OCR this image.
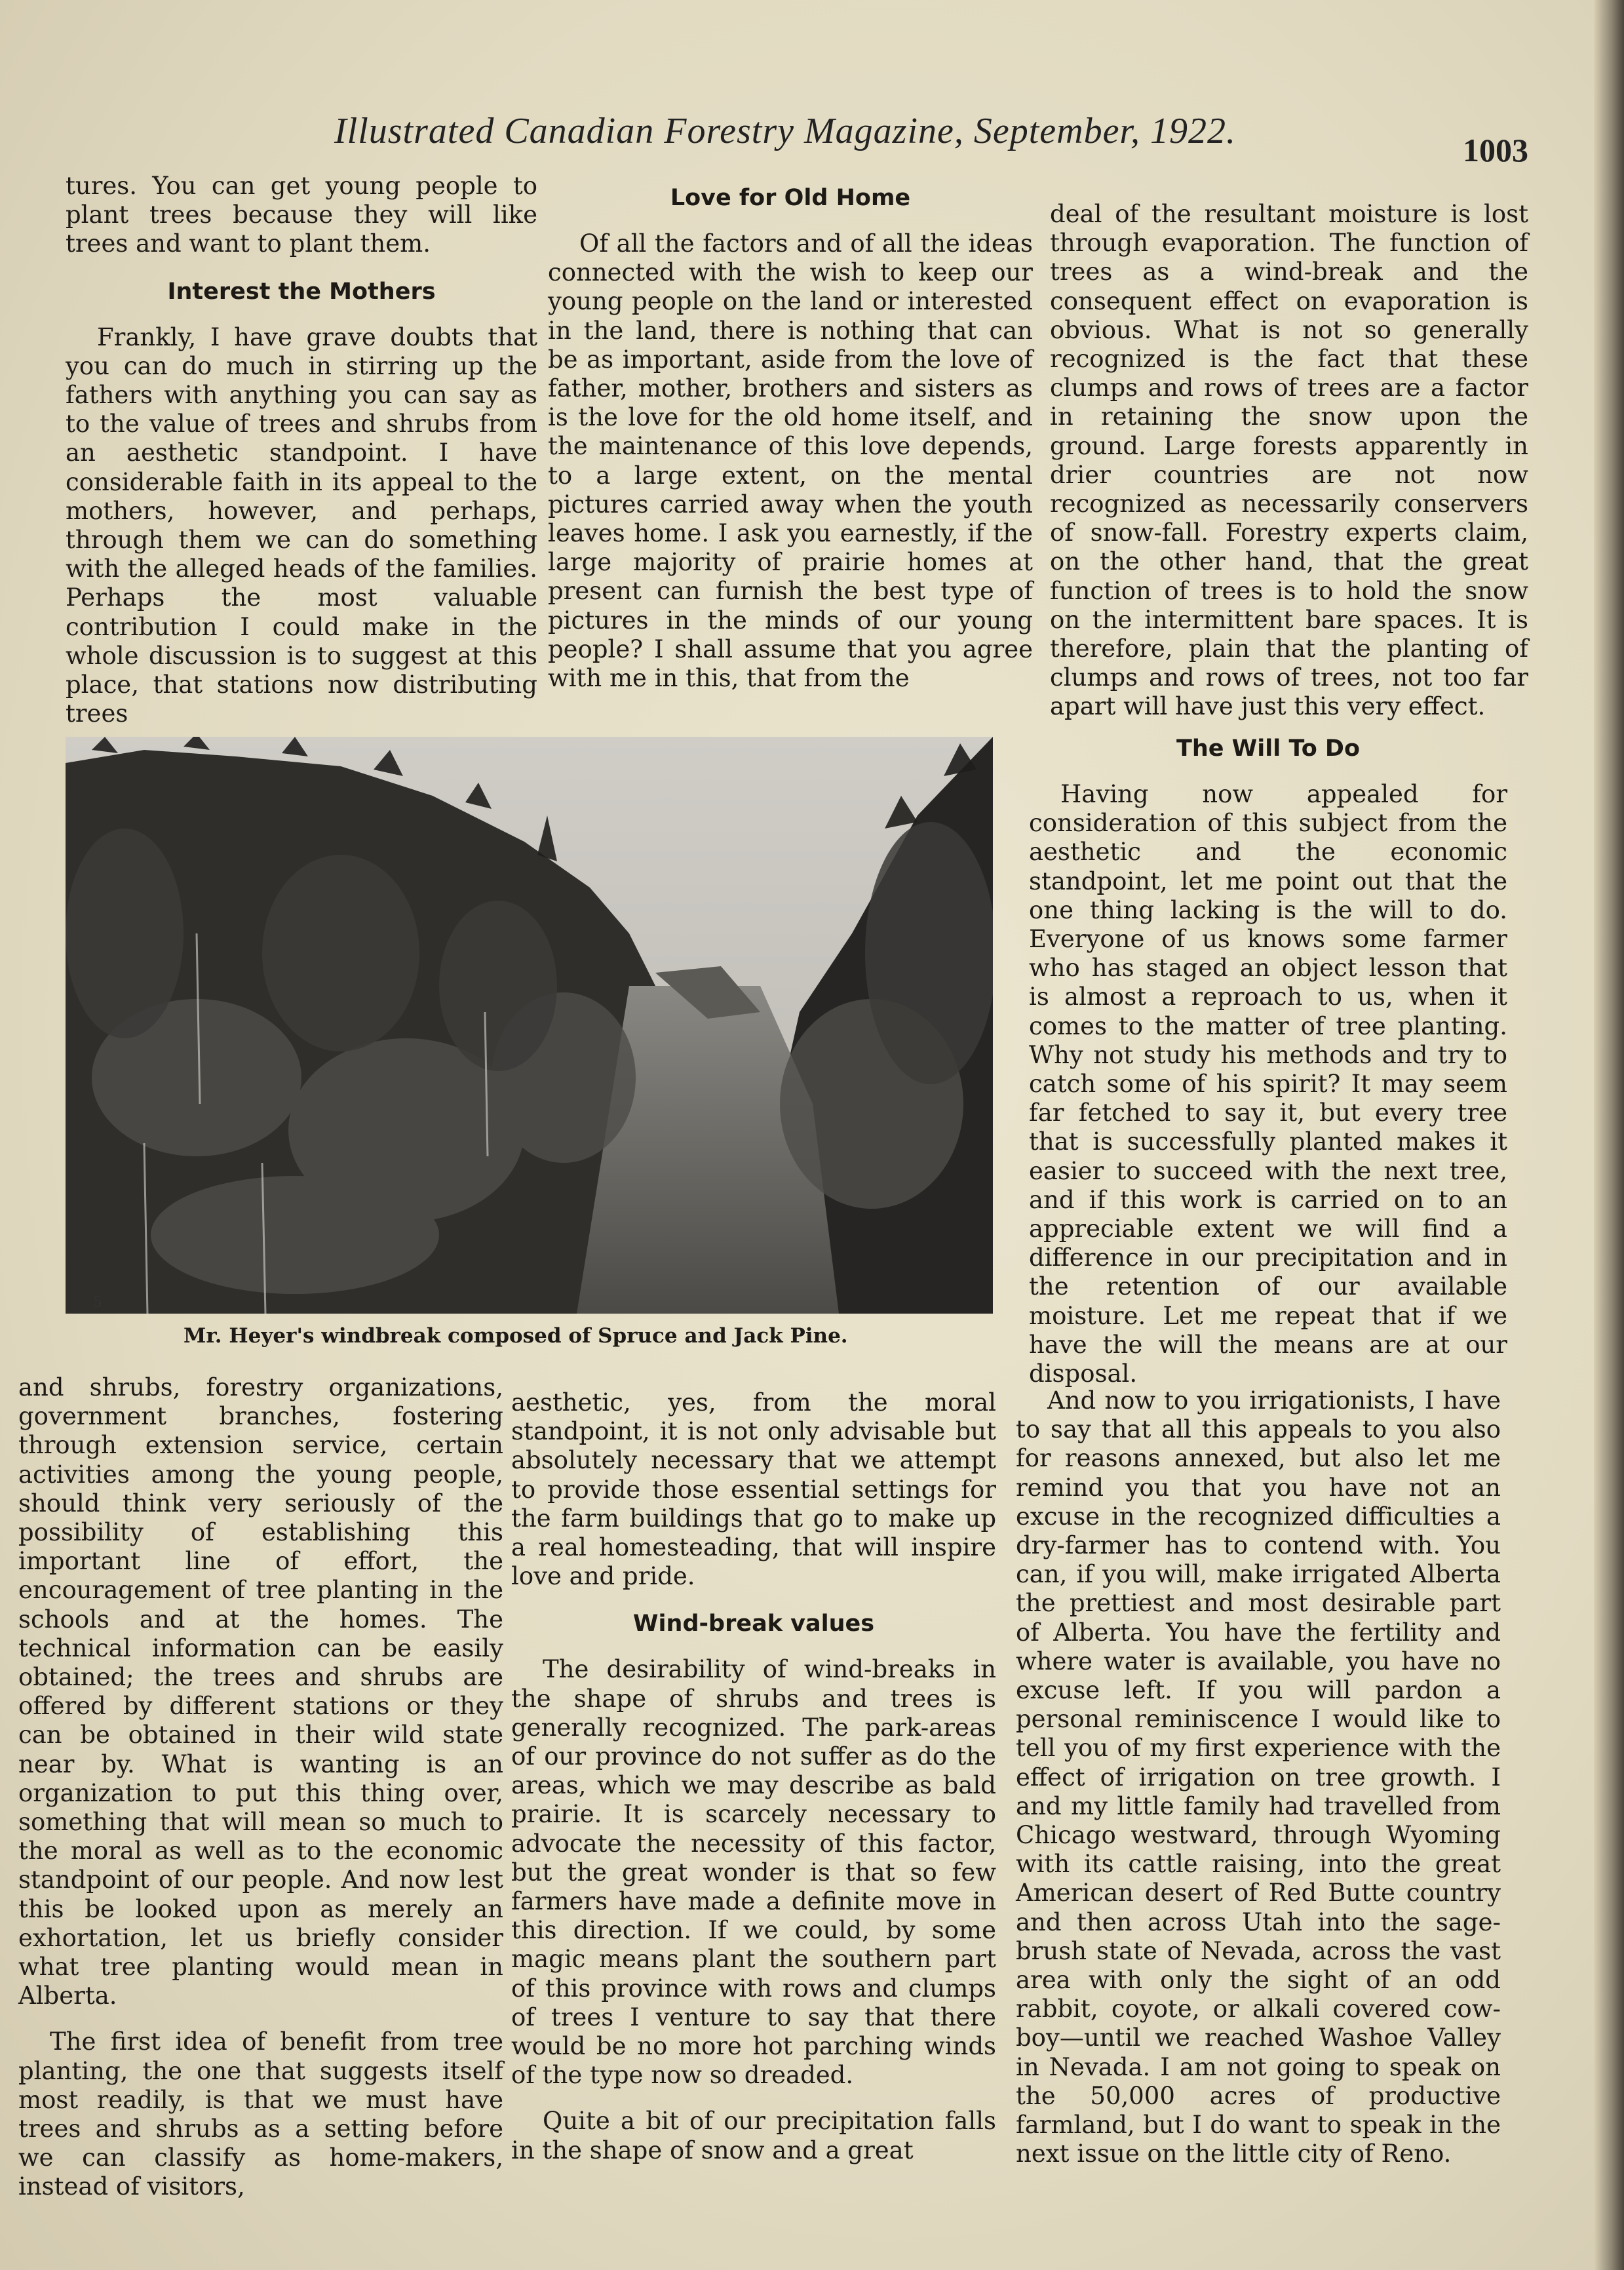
Illustrated Canadian Forestry Magazine, September, 1922.	1003

tures. You can get young people to plant trees because they will like trees and want to plant them.

Interest the Mothers

Frankly, I have grave doubts that you can do much in stirring up the fathers with anything you can say as to the value of trees and shrubs from an aesthetic standpoint. I have considerable faith in its appeal to the mothers, however, and perhaps, through them we can do something with the alleged heads of the families. Perhaps the most valuable contribution I could make in the whole discussion is to suggest at this place, that stations now distributing trees

Love for Old Home

Of all the factors and of all the ideas connected with the wish to keep our young people on the land or interested in the land, there is nothing that can be as important, aside from the love of father, mother, brothers and sisters as is the love for the old home itself, and the maintenance of this love depends, to a large extent, on the mental pictures carried away when the youth leaves home. I ask you earnestly, if the large majority of prairie homes at present can furnish the best type of pictures in the minds of our young people? I shall assume that you agree with me in this, that from the

deal of the resultant moisture is lost through evaporation. The function of trees as a wind-break and the consequent effect on evaporation is obvious. What is not so generally recognized is the fact that these clumps and rows of trees are a factor in retaining the snow upon the ground. Large forests apparently in drier countries are not now recognized as necessarily conservers of snow-fall. Forestry experts claim, on the other hand, that the great function of trees is to hold the snow on the intermittent bare spaces. It is therefore, plain that the planting of clumps and rows of trees, not too far apart will have just this very effect.

The Will To Do

Having now appealed for consideration of this subject from the aesthetic and the economic standpoint, let me point out that the one thing lacking is the will to do. Everyone of us knows some farmer who has staged an object lesson that is almost a reproach to us, when it comes to the matter of tree planting. Why not study his methods and try to catch some of his spirit? It may seem far fetched to say it, but every tree that is successfully planted makes it easier to succeed with the next tree, and if this work is carried on to an appreciable extent we will find a difference in our precipitation and in the retention of our available moisture. Let me repeat that if we have the will the means are at our disposal.

5
Mr. Heyer's windbreak composed of Spruce and Jack Pine.

and shrubs, forestry organizations, government branches, fostering through extension service, certain activities among the young people, should think very seriously of the possibility of establishing this important line of effort, the encouragement of tree planting in the schools and at the homes. The technical information can be easily obtained; the trees and shrubs are offered by different stations or they can be obtained in their wild state near by. What is wanting is an organization to put this thing over, something that will mean so much to the moral as well as to the economic standpoint of our people. And now lest this be looked upon as merely an exhortation, let us briefly consider what tree planting would mean in Alberta.

The first idea of benefit from tree planting, the one that suggests itself most readily, is that we must have trees and shrubs as a setting before we can classify as home-makers, instead of visitors,

aesthetic, yes, from the moral standpoint, it is not only advisable but absolutely necessary that we attempt to provide those essential settings for the farm buildings that go to make up a real homesteading, that will inspire love and pride.

Wind-break values

The desirability of wind-breaks in the shape of shrubs and trees is generally recognized. The park-areas of our province do not suffer as do the areas, which we may describe as bald prairie. It is scarcely necessary to advocate the necessity of this factor, but the great wonder is that so few farmers have made a definite move in this direction. If we could, by some magic means plant the southern part of this province with rows and clumps of trees I venture to say that there would be no more hot parching winds of the type now so dreaded.

Quite a bit of our precipitation falls in the shape of snow and a great

And now to you irrigationists, I have to say that all this appeals to you also for reasons annexed, but also let me remind you that you have not an excuse in the recognized difficulties a dry-farmer has to contend with. You can, if you will, make irrigated Alberta the prettiest and most desirable part of Alberta. You have the fertility and where water is available, you have no excuse left. If you will pardon a personal reminiscence I would like to tell you of my first experience with the effect of irrigation on tree growth. I and my little family had travelled from Chicago westward, through Wyoming with its cattle raising, into the great American desert of Red Butte country and then across Utah into the sage-brush state of Nevada, across the vast area with only the sight of an odd rabbit, coyote, or alkali covered cow-boy—until we reached Washoe Valley in Nevada. I am not going to speak on the 50,000 acres of productive farmland, but I do want to speak in the next issue on the little city of Reno.
